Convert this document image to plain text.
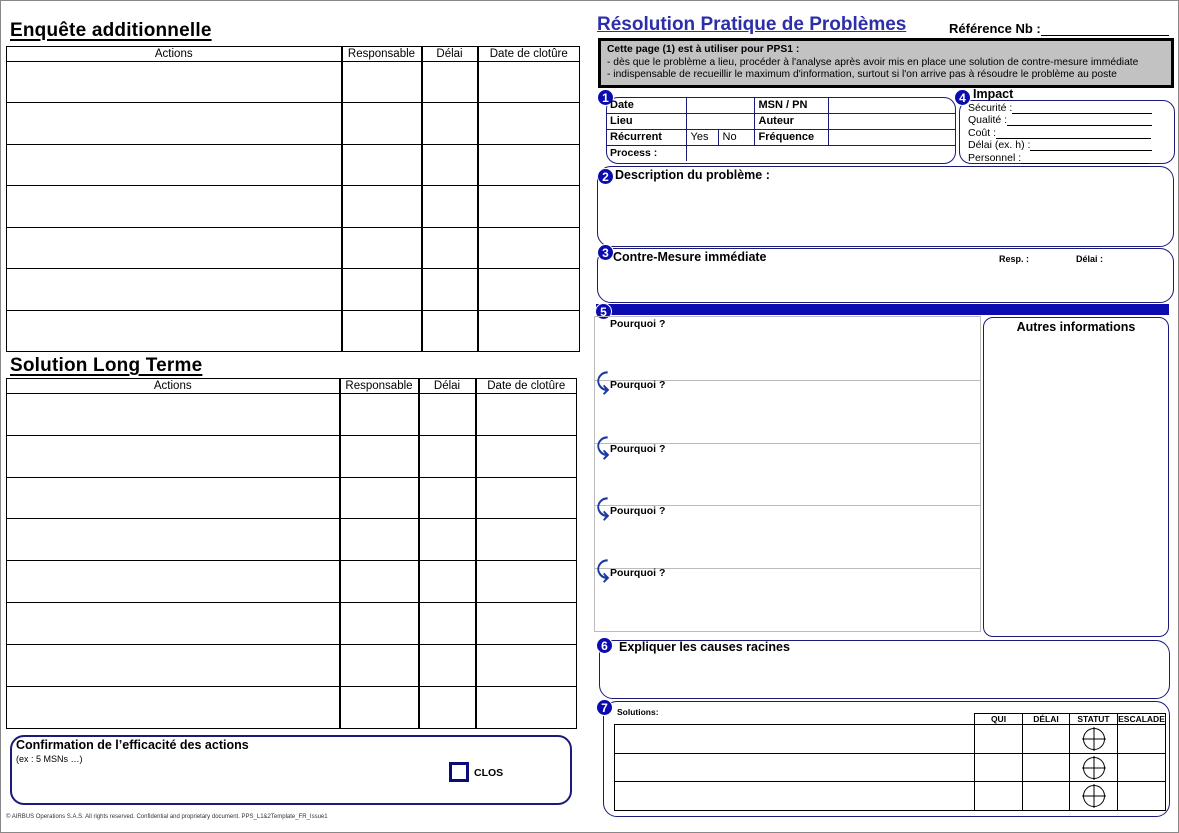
Enquête additionnelle
Actions	Responsable	Délai	Date de clotûre

Solution Long Terme
Actions	Responsable	Délai	Date de clotûre

Confirmation de l’efficacité des actions
(ex : 5 MSNs …)
CLOS
© AIRBUS Operations S.A.S. All rights reserved. Confidential and proprietary document. PPS_L1&2Template_FR_Issue1
Résolution Pratique de Problèmes	Référence Nb :
Cette page (1) est à utiliser pour PPS1 :
- dès que le problème a lieu, procéder à l'analyse après avoir mis en place une solution de contre-mesure immédiate
- indispensable de recueillir le maximum d'information, surtout si l'on arrive pas à résoudre le problème au poste
1 Date			MSN / PN	
Lieu			Auteur	
Récurrent	Yes	No	Fréquence	
Process :				
4 Impact
Sécurité :
Qualité :
Coût :
Délai (ex. h) :
Personnel :
2 Description du problème :
3 Contre-Mesure immédiate	Resp. :	Délai :
5
Pourquoi ?
Pourquoi ?
Pourquoi ?
Pourquoi ?
Pourquoi ?
⤹
⤹
⤹
⤹
Autres informations
6 Expliquer les causes racines
7	Solutions:
	QUI	DÉLAI	STATUT	ESCALADE
